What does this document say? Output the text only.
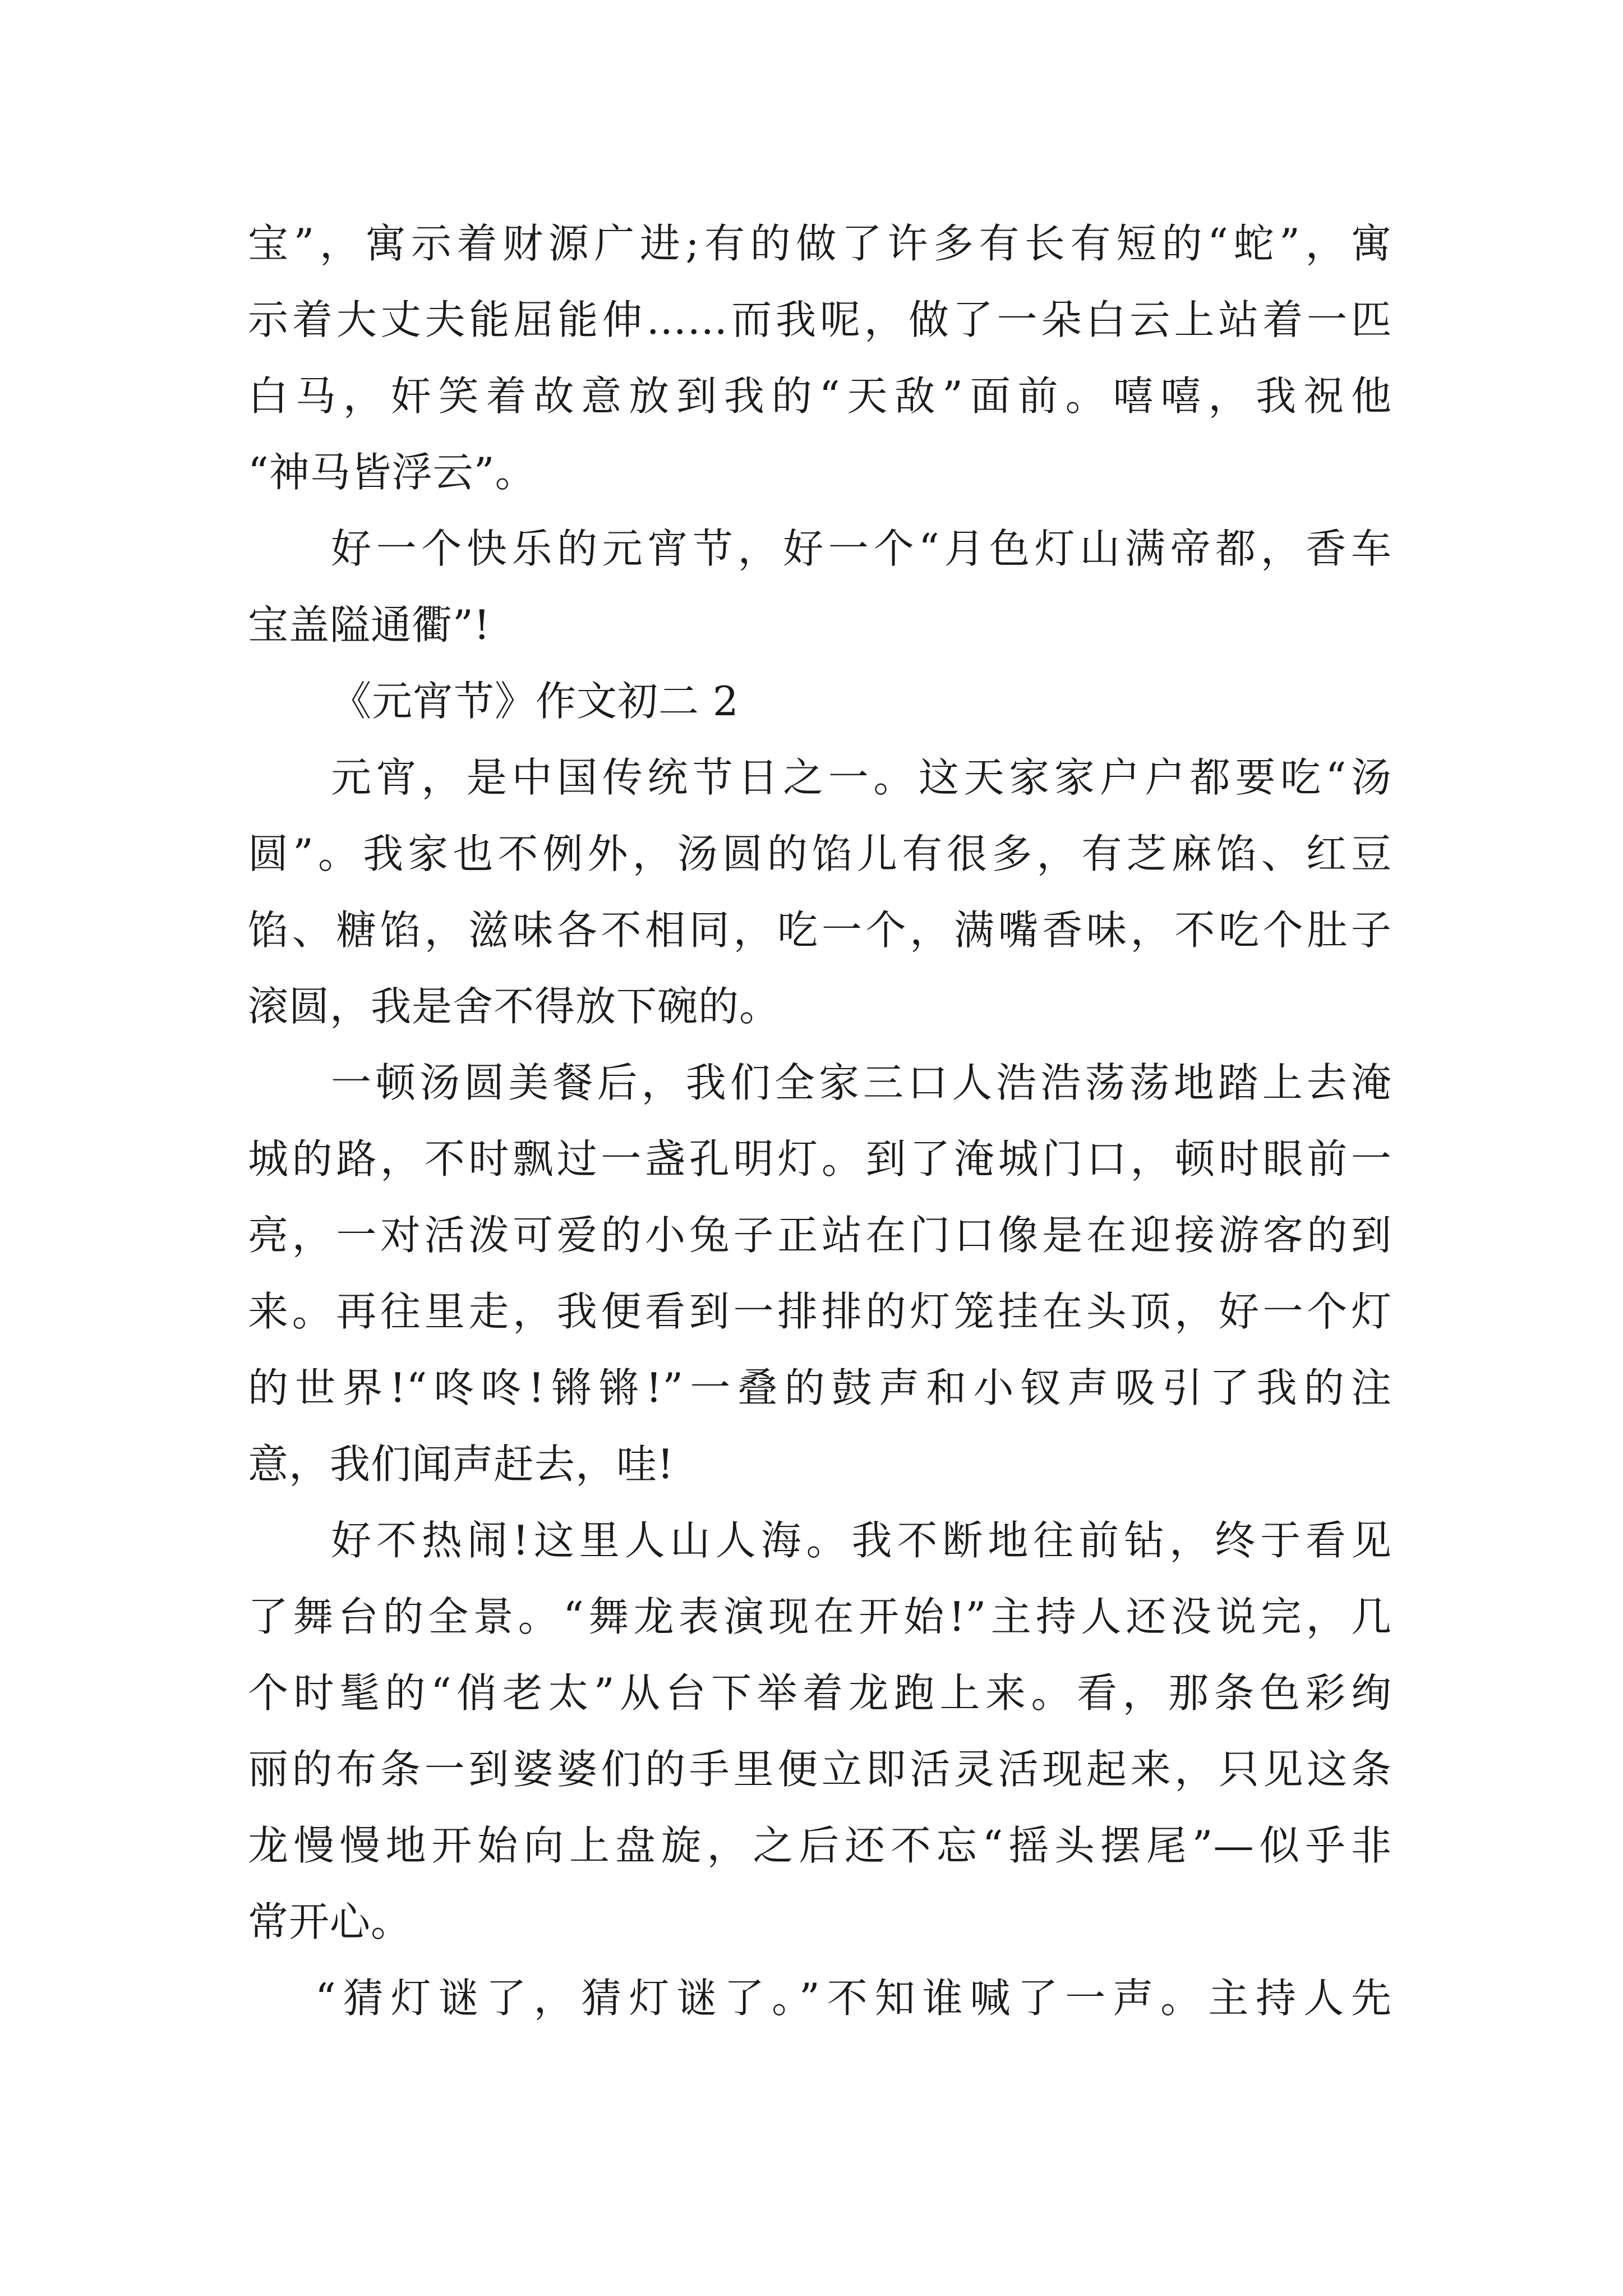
宝”，寓示着财源广进;有的做了许多有长有短的“蛇”，寓
示着大丈夫能屈能伸……而我呢，做了一朵白云上站着一匹
白马，奸笑着故意放到我的“天敌”面前。嘻嘻，我祝他
“神马皆浮云”。
好一个快乐的元宵节，好一个“月色灯山满帝都，香车
宝盖隘通衢”!
《元宵节》作文初二 2
元宵，是中国传统节日之一。这天家家户户都要吃“汤
圆”。我家也不例外，汤圆的馅儿有很多，有芝麻馅、红豆
馅、糖馅，滋味各不相同，吃一个，满嘴香味，不吃个肚子
滚圆，我是舍不得放下碗的。
一顿汤圆美餐后，我们全家三口人浩浩荡荡地踏上去淹
城的路，不时飘过一盏孔明灯。到了淹城门口，顿时眼前一
亮，一对活泼可爱的小兔子正站在门口像是在迎接游客的到
来。再往里走，我便看到一排排的灯笼挂在头顶，好一个灯
的世界!“咚咚!锵锵!”一叠的鼓声和小钗声吸引了我的注
意，我们闻声赶去，哇!
好不热闹!这里人山人海。我不断地往前钻，终于看见
了舞台的全景。“舞龙表演现在开始!”主持人还没说完，几
个时髦的“俏老太”从台下举着龙跑上来。看，那条色彩绚
丽的布条一到婆婆们的手里便立即活灵活现起来，只见这条
龙慢慢地开始向上盘旋，之后还不忘“摇头摆尾”—似乎非
常开心。
“猜灯谜了，猜灯谜了。”不知谁喊了一声。主持人先
